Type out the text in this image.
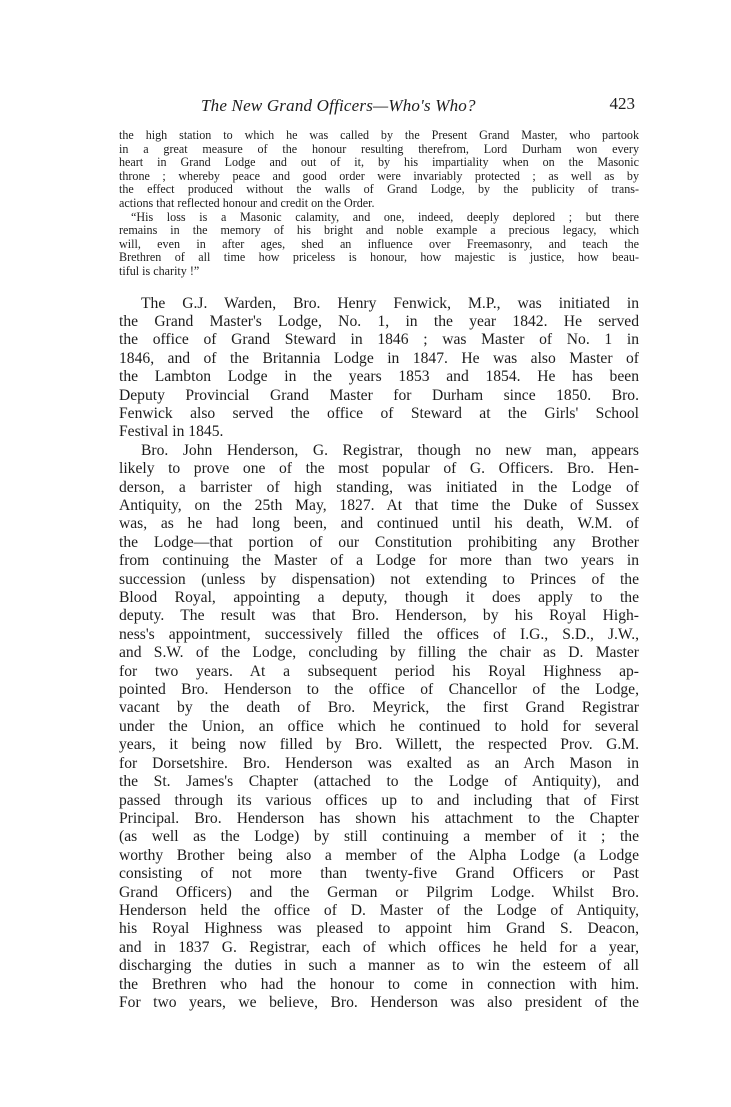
The New Grand Officers—Who's Who?	423

the high station to which he was called by the Present Grand Master, who partook
in a great measure of the honour resulting therefrom, Lord Durham won every
heart in Grand Lodge and out of it, by his impartiality when on the Masonic
throne ; whereby peace and good order were invariably protected ; as well as by
the effect produced without the walls of Grand Lodge, by the publicity of trans-
actions that reflected honour and credit on the Order.

“His loss is a Masonic calamity, and one, indeed, deeply deplored ; but there
remains in the memory of his bright and noble example a precious legacy, which
will, even in after ages, shed an influence over Freemasonry, and teach the
Brethren of all time how priceless is honour, how majestic is justice, how beau-
tiful is charity !”

The G.J. Warden, Bro. Henry Fenwick, M.P., was initiated in
the Grand Master's Lodge, No. 1, in the year 1842. He served
the office of Grand Steward in 1846 ; was Master of No. 1 in
1846, and of the Britannia Lodge in 1847. He was also Master of
the Lambton Lodge in the years 1853 and 1854. He has been
Deputy Provincial Grand Master for Durham since 1850. Bro.
Fenwick also served the office of Steward at the Girls' School
Festival in 1845.

Bro. John Henderson, G. Registrar, though no new man, appears
likely to prove one of the most popular of G. Officers. Bro. Hen-
derson, a barrister of high standing, was initiated in the Lodge of
Antiquity, on the 25th May, 1827. At that time the Duke of Sussex
was, as he had long been, and continued until his death, W.M. of
the Lodge—that portion of our Constitution prohibiting any Brother
from continuing the Master of a Lodge for more than two years in
succession (unless by dispensation) not extending to Princes of the
Blood Royal, appointing a deputy, though it does apply to the
deputy. The result was that Bro. Henderson, by his Royal High-
ness's appointment, successively filled the offices of I.G., S.D., J.W.,
and S.W. of the Lodge, concluding by filling the chair as D. Master
for two years. At a subsequent period his Royal Highness ap-
pointed Bro. Henderson to the office of Chancellor of the Lodge,
vacant by the death of Bro. Meyrick, the first Grand Registrar
under the Union, an office which he continued to hold for several
years, it being now filled by Bro. Willett, the respected Prov. G.M.
for Dorsetshire. Bro. Henderson was exalted as an Arch Mason in
the St. James's Chapter (attached to the Lodge of Antiquity), and
passed through its various offices up to and including that of First
Principal. Bro. Henderson has shown his attachment to the Chapter
(as well as the Lodge) by still continuing a member of it ; the
worthy Brother being also a member of the Alpha Lodge (a Lodge
consisting of not more than twenty-five Grand Officers or Past
Grand Officers) and the German or Pilgrim Lodge. Whilst Bro.
Henderson held the office of D. Master of the Lodge of Antiquity,
his Royal Highness was pleased to appoint him Grand S. Deacon,
and in 1837 G. Registrar, each of which offices he held for a year,
discharging the duties in such a manner as to win the esteem of all
the Brethren who had the honour to come in connection with him.
For two years, we believe, Bro. Henderson was also president of the
